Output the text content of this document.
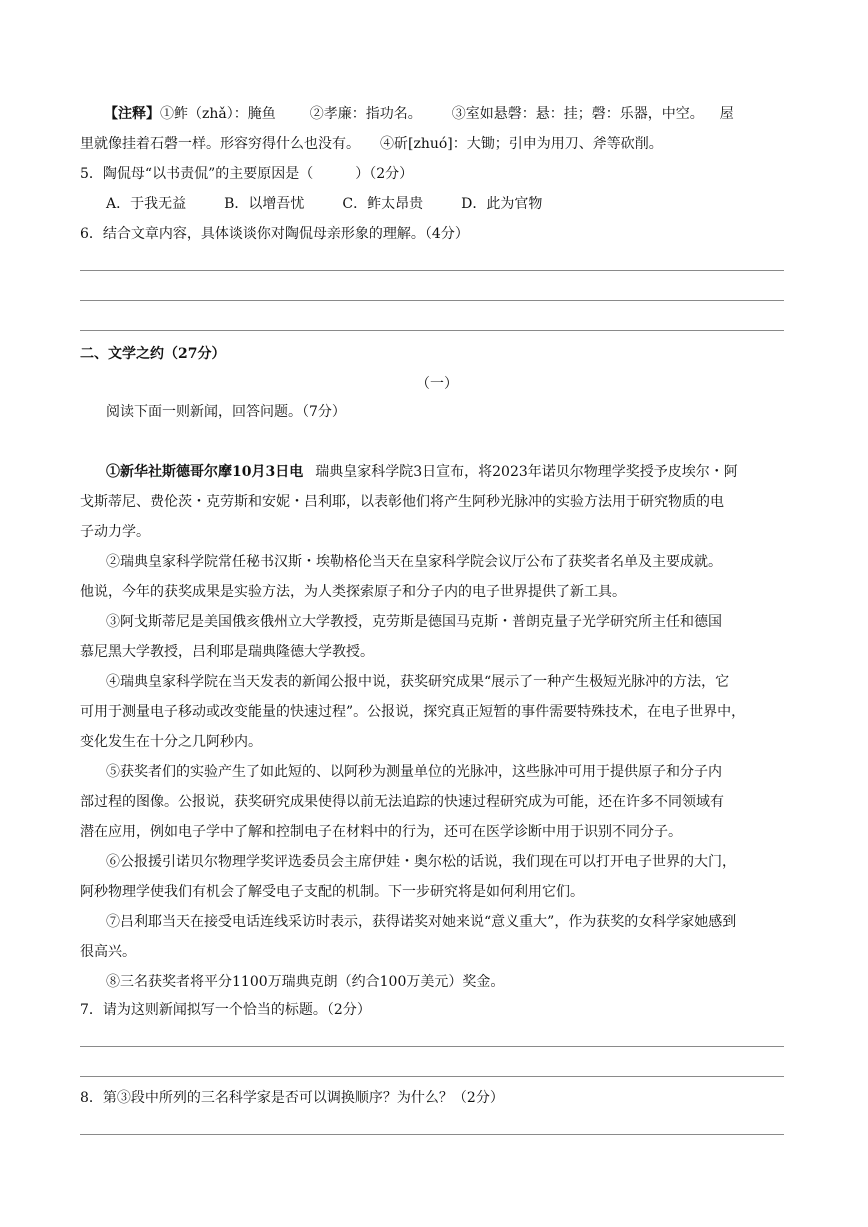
【注释】①鲊（zhǎ）：腌鱼 ②孝廉：指功名。 ③室如悬磬：悬：挂；磬：乐器，中空。 屋
里就像挂着石磬一样。形容穷得什么也没有。 ④斫[zhuó]：大锄；引申为用刀、斧等砍削。
5．陶侃母“以书责侃”的主要原因是（　　　）（2分）
A．于我无益	B．以增吾忧	C．鲊太昂贵	D．此为官物
6．结合文章内容，具体谈谈你对陶侃母亲形象的理解。（4分）
二、文学之约（27分）
（一）
阅读下面一则新闻，回答问题。（7分）
①新华社斯德哥尔摩10月3日电 瑞典皇家科学院3日宣布，将2023年诺贝尔物理学奖授予皮埃尔・阿
戈斯蒂尼、费伦茨・克劳斯和安妮・吕利耶，以表彰他们将产生阿秒光脉冲的实验方法用于研究物质的电
子动力学。
②瑞典皇家科学院常任秘书汉斯・埃勒格伦当天在皇家科学院会议厅公布了获奖者名单及主要成就。
他说，今年的获奖成果是实验方法，为人类探索原子和分子内的电子世界提供了新工具。
③阿戈斯蒂尼是美国俄亥俄州立大学教授，克劳斯是德国马克斯・普朗克量子光学研究所主任和德国
慕尼黑大学教授，吕利耶是瑞典隆德大学教授。
④瑞典皇家科学院在当天发表的新闻公报中说，获奖研究成果“展示了一种产生极短光脉冲的方法，它
可用于测量电子移动或改变能量的快速过程”。公报说，探究真正短暂的事件需要特殊技术，在电子世界中，
变化发生在十分之几阿秒内。
⑤获奖者们的实验产生了如此短的、以阿秒为测量单位的光脉冲，这些脉冲可用于提供原子和分子内
部过程的图像。公报说，获奖研究成果使得以前无法追踪的快速过程研究成为可能，还在许多不同领域有
潜在应用，例如电子学中了解和控制电子在材料中的行为，还可在医学诊断中用于识别不同分子。
⑥公报援引诺贝尔物理学奖评选委员会主席伊娃・奥尔松的话说，我们现在可以打开电子世界的大门，
阿秒物理学使我们有机会了解受电子支配的机制。下一步研究将是如何利用它们。
⑦吕利耶当天在接受电话连线采访时表示，获得诺奖对她来说“意义重大”，作为获奖的女科学家她感到
很高兴。
⑧三名获奖者将平分1100万瑞典克朗（约合100万美元）奖金。
7．请为这则新闻拟写一个恰当的标题。（2分）
8．第③段中所列的三名科学家是否可以调换顺序？为什么？（2分）
